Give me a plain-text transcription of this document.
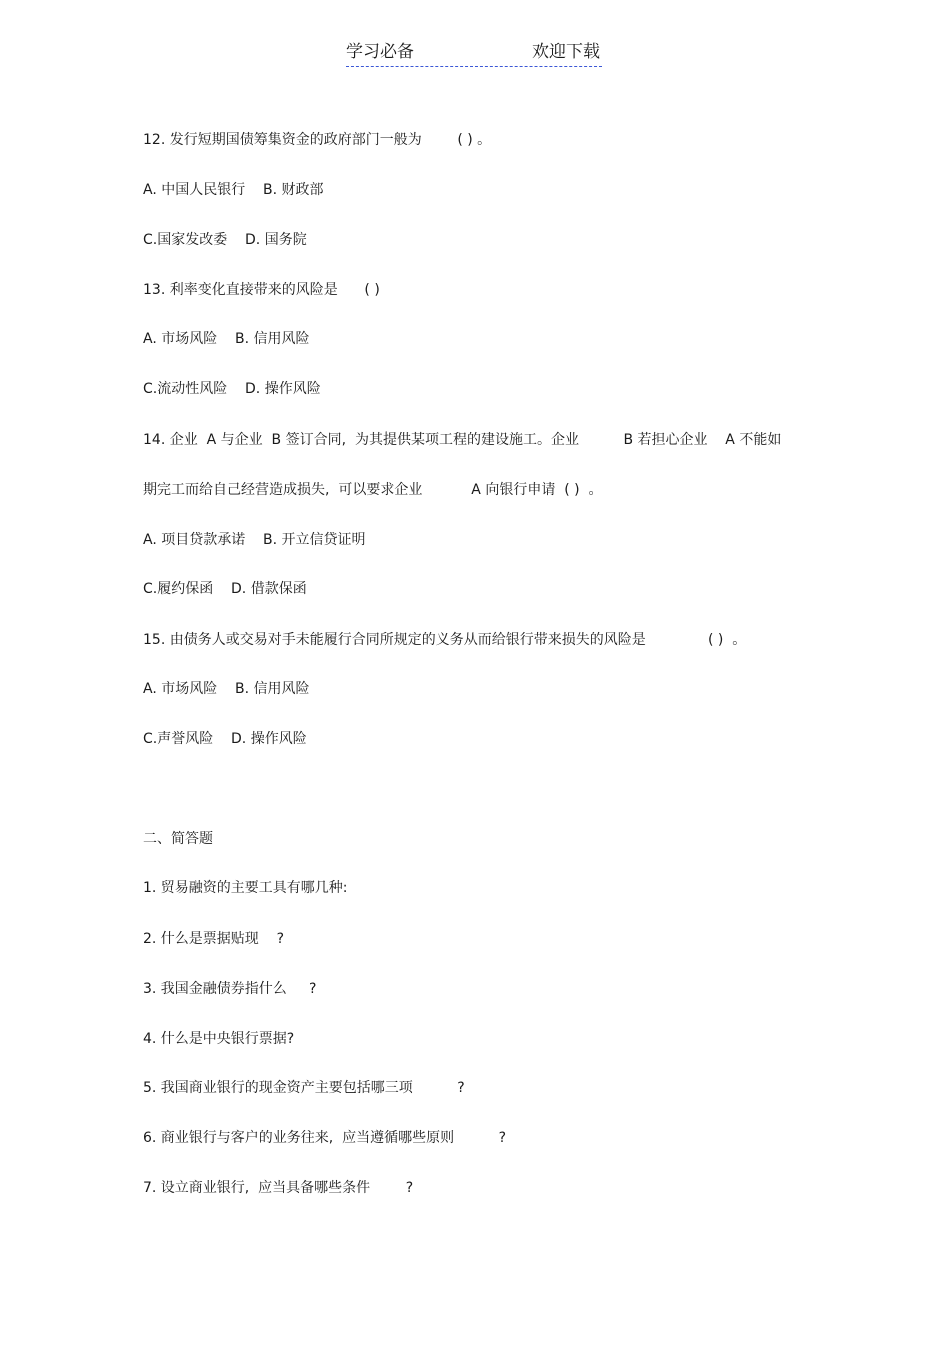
学习必备	欢迎下载
12. 发行短期国债筹集资金的政府部门一般为        ( ) 。
A. 中国人民银行    B. 财政部
C.国家发改委    D. 国务院
13. 利率变化直接带来的风险是      ( )
A. 市场风险    B. 信用风险
C.流动性风险    D. 操作风险
14. 企业  A 与企业  B 签订合同,  为其提供某项工程的建设施工。企业          B 若担心企业    A 不能如
期完工而给自己经营造成损失,  可以要求企业           A 向银行申请  ( )  。
A. 项目贷款承诺    B. 开立信贷证明
C.履约保函    D. 借款保函
15. 由债务人或交易对手未能履行合同所规定的义务从而给银行带来损失的风险是              ( )  。
A. 市场风险    B. 信用风险
C.声誉风险    D. 操作风险
二、简答题
1. 贸易融资的主要工具有哪几种:
2. 什么是票据贴现    ?
3. 我国金融债券指什么     ?
4. 什么是中央银行票据?
5. 我国商业银行的现金资产主要包括哪三项          ?
6. 商业银行与客户的业务往来,  应当遵循哪些原则          ?
7. 设立商业银行,  应当具备哪些条件        ?
